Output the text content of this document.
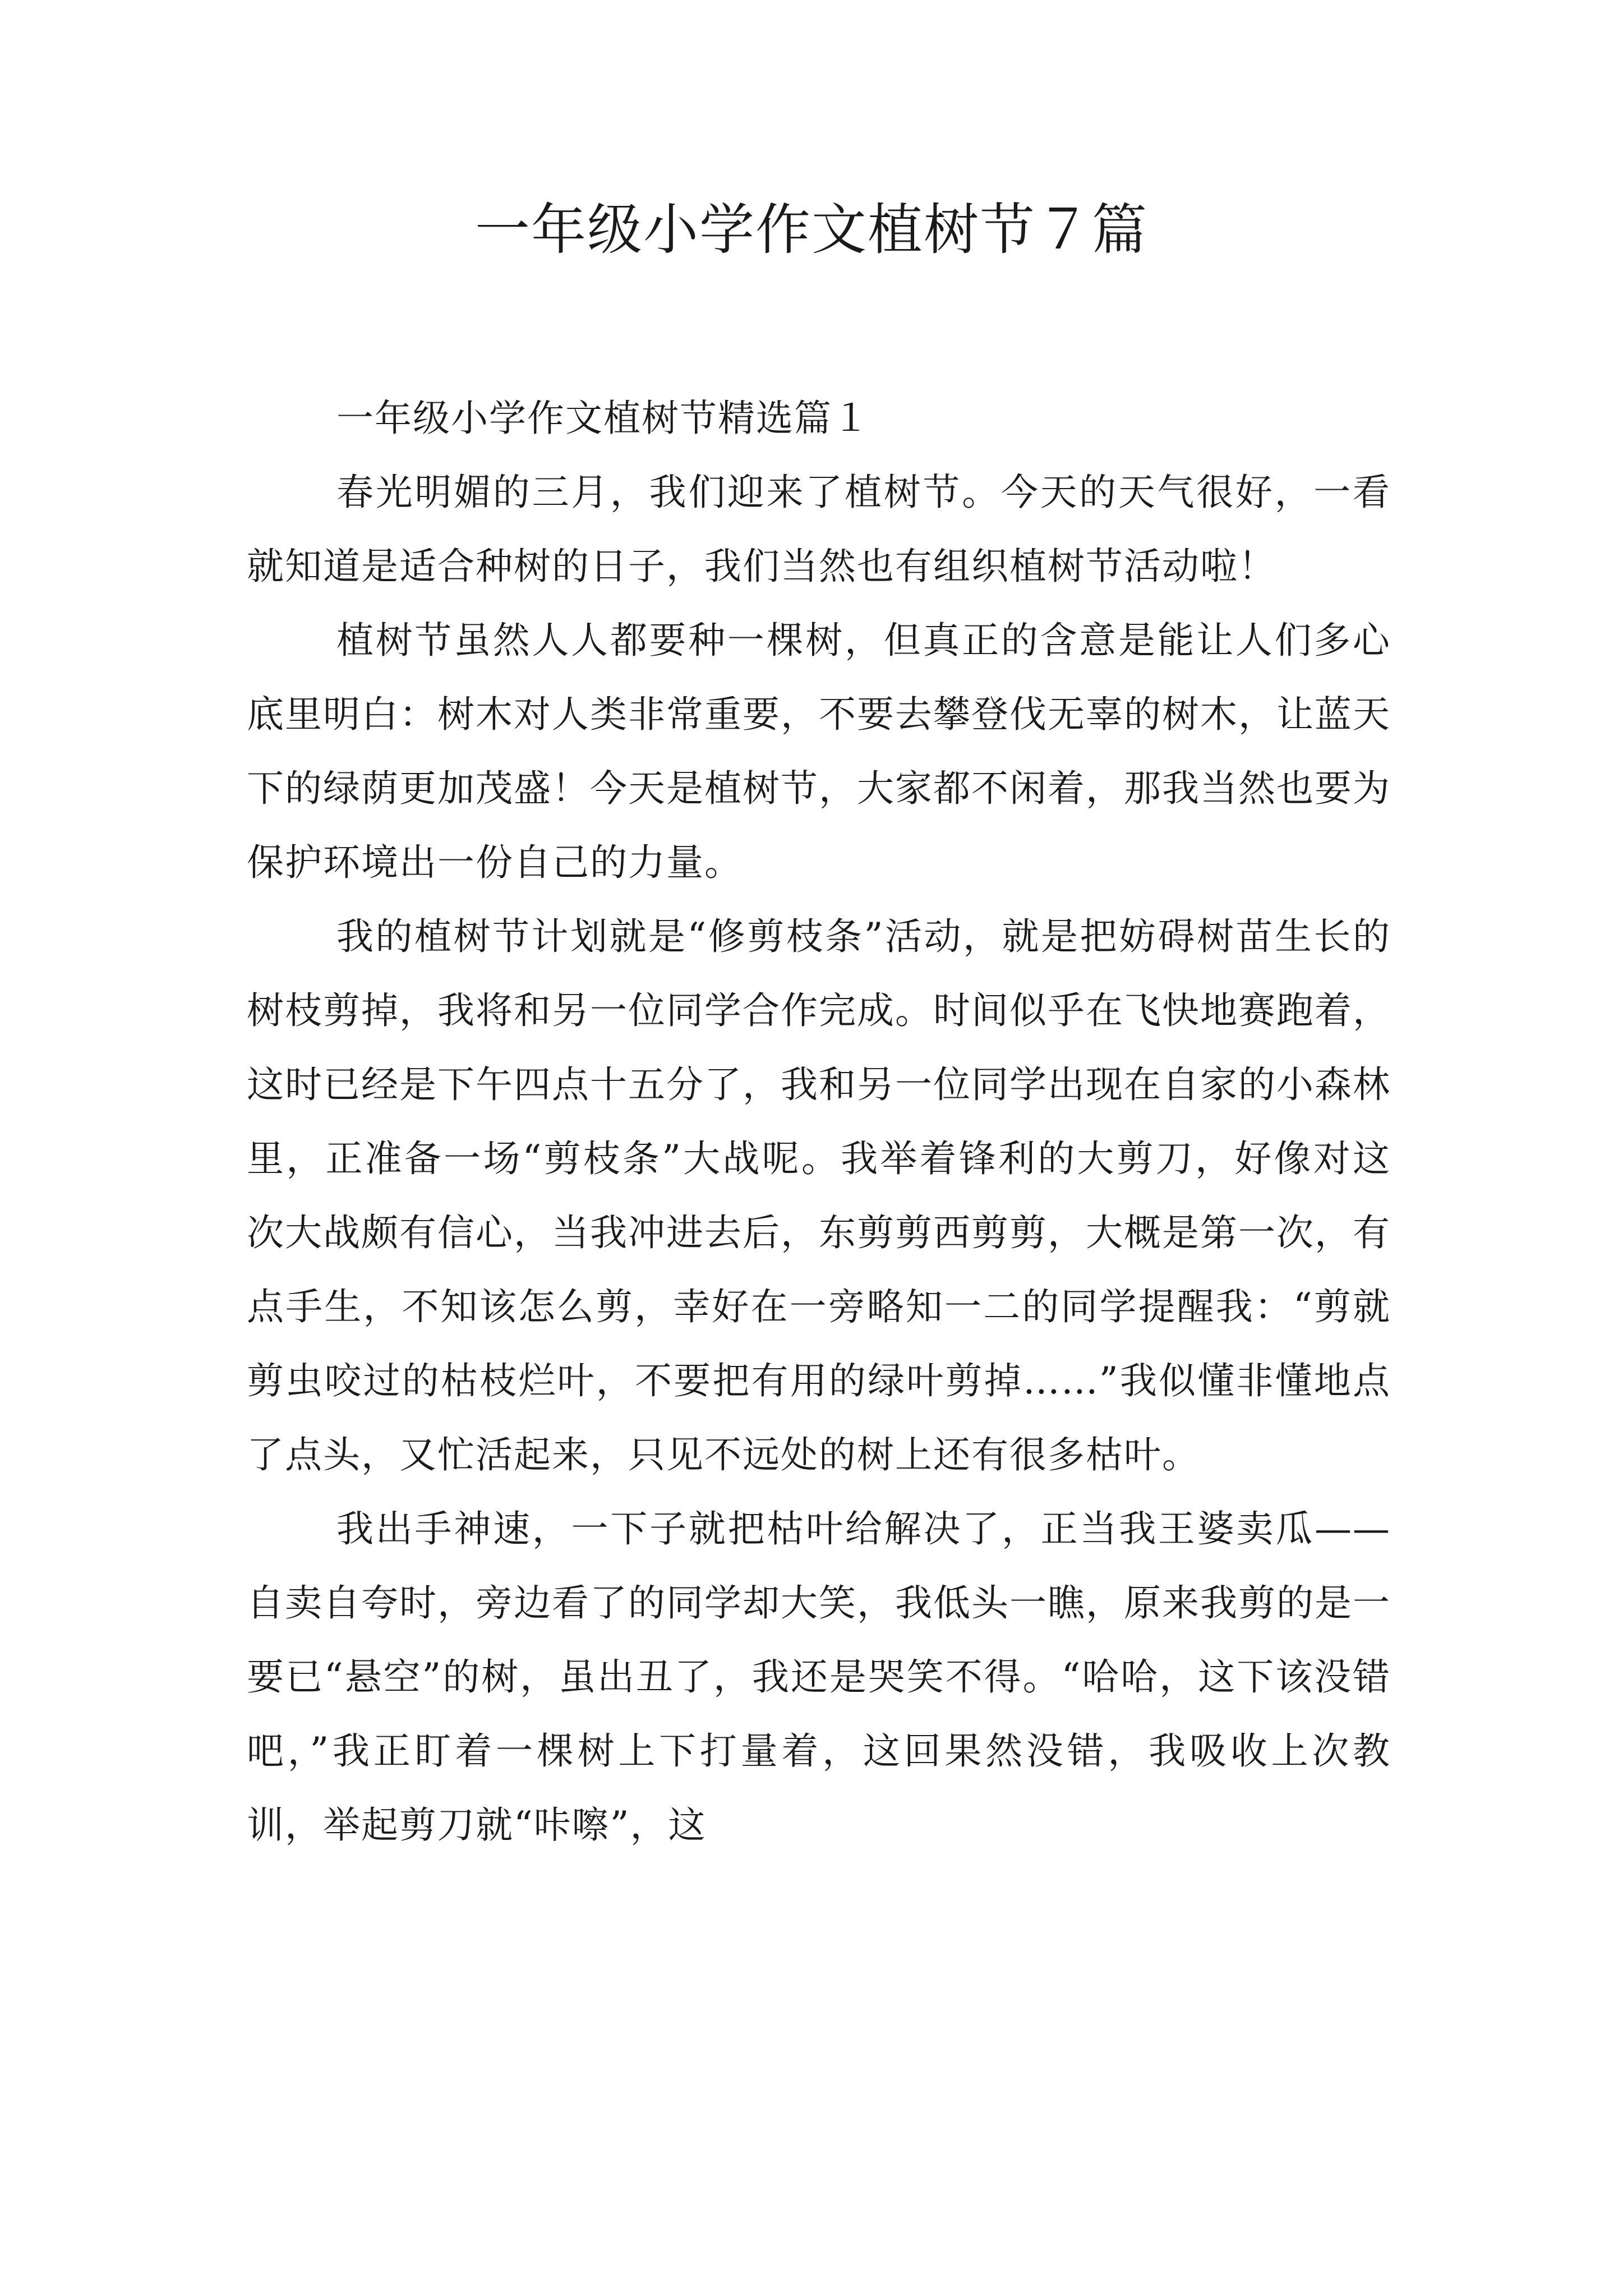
一年级小学作文植树节７篇

一年级小学作文植树节精选篇１

春光明媚的三月，我们迎来了植树节。今天的天气很好，一看就知道是适合种树的日子，我们当然也有组织植树节活动啦！

植树节虽然人人都要种一棵树，但真正的含意是能让人们多心底里明白：树木对人类非常重要，不要去攀登伐无辜的树木，让蓝天下的绿荫更加茂盛！今天是植树节，大家都不闲着，那我当然也要为保护环境出一份自己的力量。

我的植树节计划就是“修剪枝条”活动，就是把妨碍树苗生长的树枝剪掉，我将和另一位同学合作完成。时间似乎在飞快地赛跑着，这时已经是下午四点十五分了，我和另一位同学出现在自家的小森林里，正准备一场“剪枝条”大战呢。我举着锋利的大剪刀，好像对这次大战颇有信心，当我冲进去后，东剪剪西剪剪，大概是第一次，有点手生，不知该怎么剪，幸好在一旁略知一二的同学提醒我：“剪就剪虫咬过的枯枝烂叶，不要把有用的绿叶剪掉……”我似懂非懂地点了点头，又忙活起来，只见不远处的树上还有很多枯叶。

我出手神速，一下子就把枯叶给解决了，正当我王婆卖瓜——自卖自夸时，旁边看了的同学却大笑，我低头一瞧，原来我剪的是一要已“悬空”的树，虽出丑了，我还是哭笑不得。“哈哈，这下该没错吧，”我正盯着一棵树上下打量着，这回果然没错，我吸收上次教训，举起剪刀就“咔嚓”，这
